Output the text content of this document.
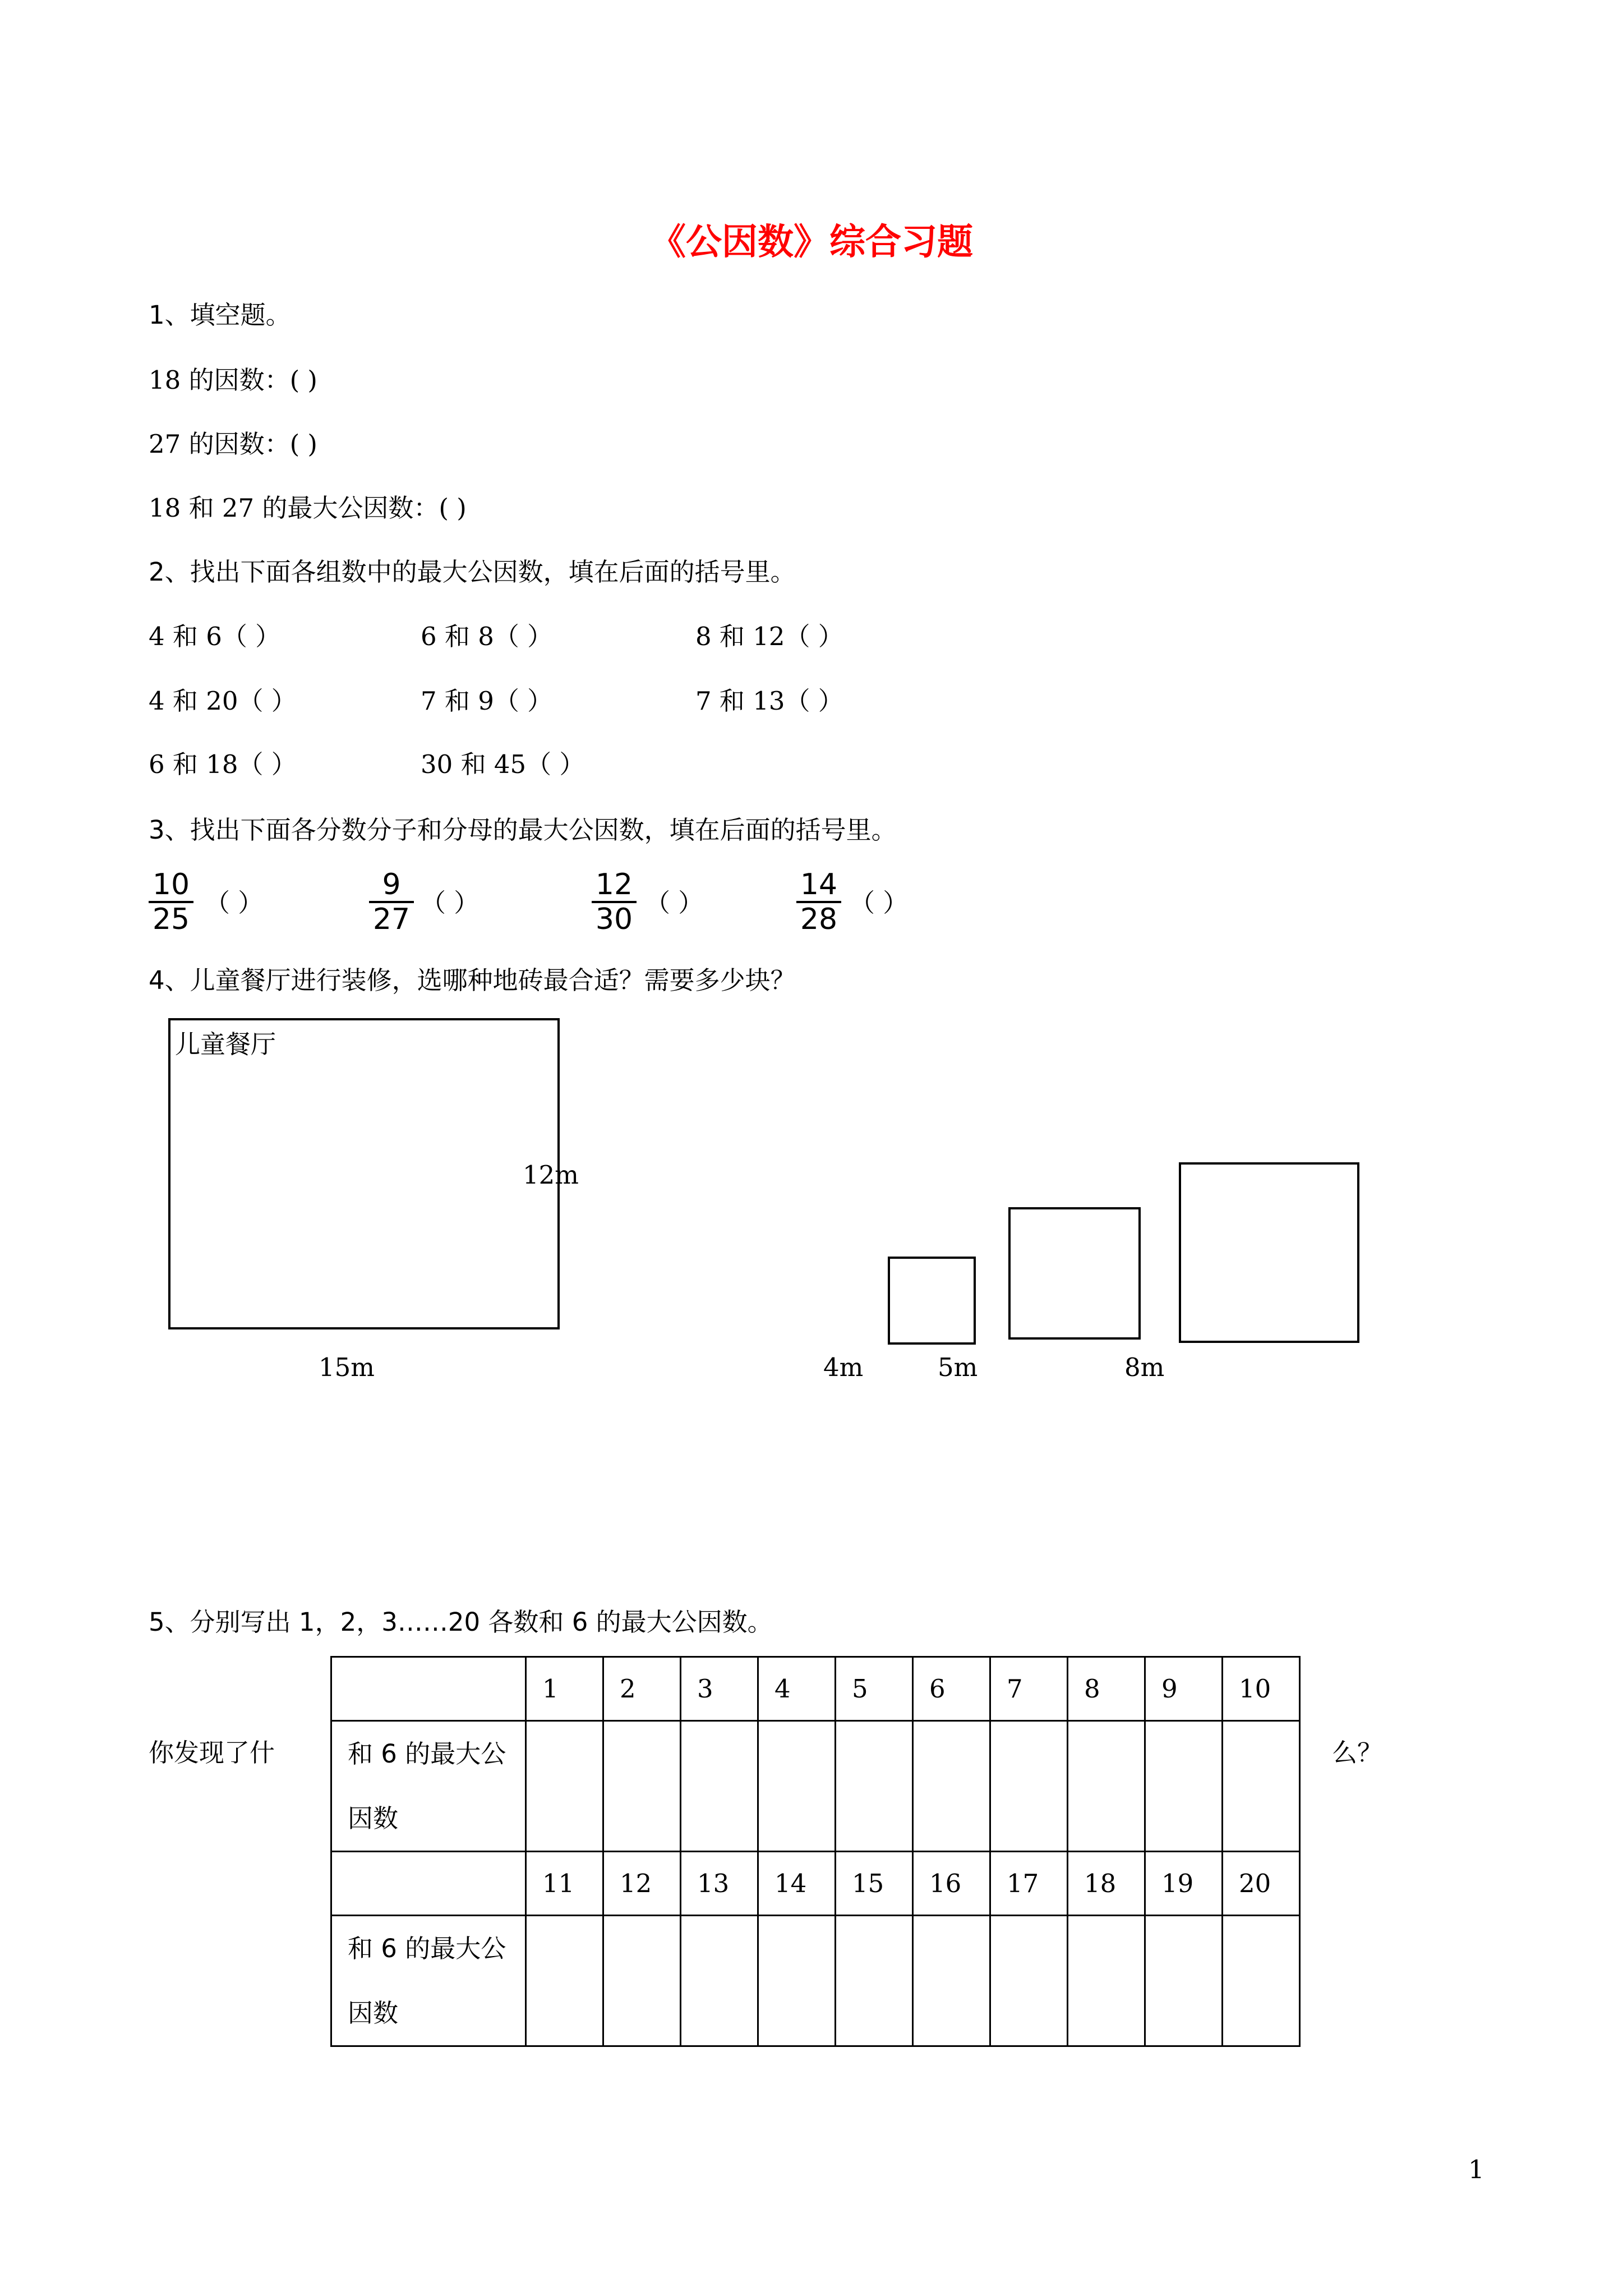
《公因数》综合习题
1、填空题。
18 的因数：( )
27 的因数：( )
18 和 27 的最大公因数：( )
2、找出下面各组数中的最大公因数，填在后面的括号里。
4 和 6（ ）	6 和 8（ ）	8 和 12（ ）
4 和 20（ ）	7 和 9（ ）	7 和 13（ ）
6 和 18（ ）	30 和 45（ ）
3、找出下面各分数分子和分母的最大公因数，填在后面的括号里。
$\frac{10}{25}$ （ ）	$\frac{9}{27}$ （ ）	$\frac{12}{30}$ （ ）	$\frac{14}{28}$ （ ）
4、儿童餐厅进行装修，选哪种地砖最合适？需要多少块？
儿童餐厅
12m
15m	4m	5m	8m
5、分别写出 1，2，3……20 各数和 6 的最大公因数。
你发现了什	么？
	1	2	3	4	5	6	7	8	9	10
和 6 的最大公因数										
	11	12	13	14	15	16	17	18	19	20
和 6 的最大公因数										
1
